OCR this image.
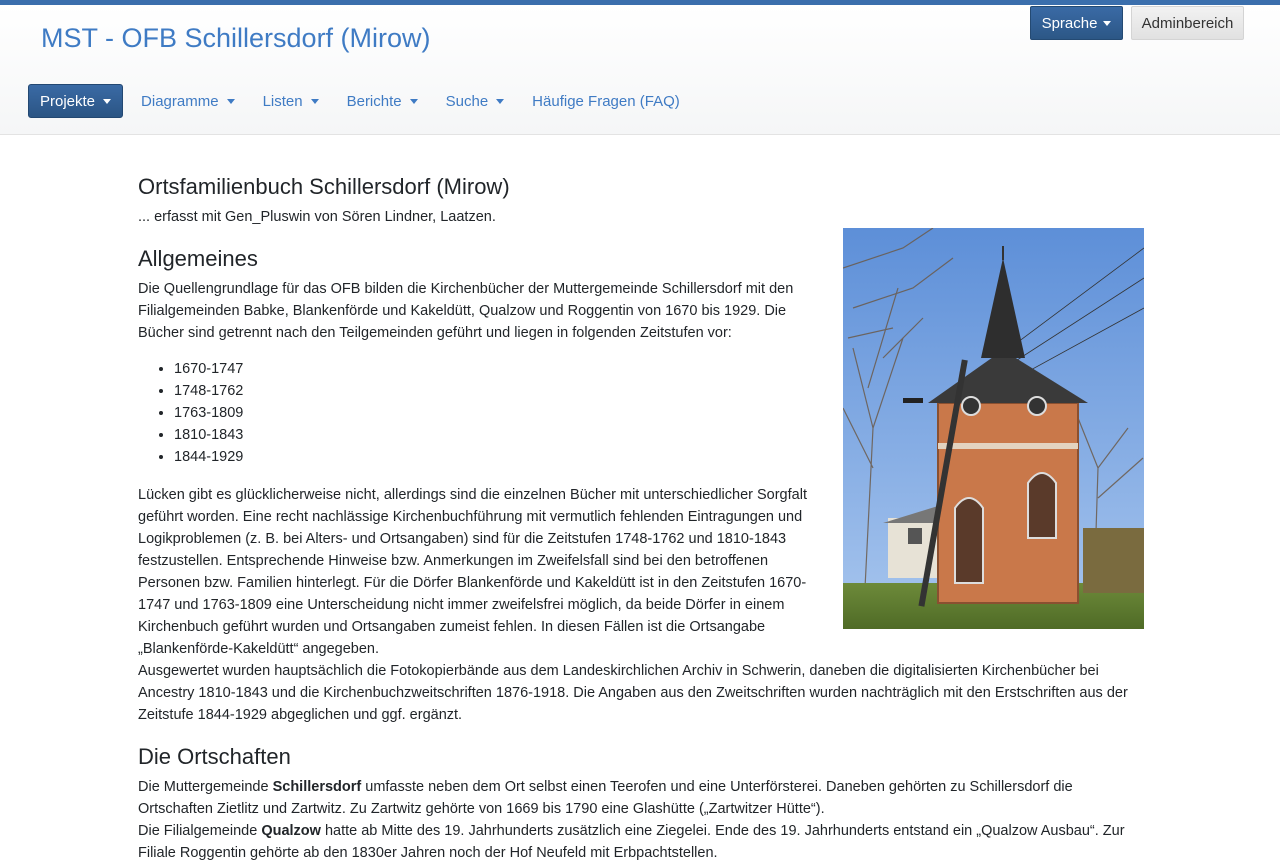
MST - OFB Schillersdorf (Mirow)	Sprache	Adminbereich
Projekte	Diagramme	Listen	Berichte	Suche	Häufige Fragen (FAQ)
Ortsfamilienbuch Schillersdorf (Mirow)

... erfasst mit Gen_Pluswin von Sören Lindner, Laatzen.

Allgemeines

Die Quellengrundlage für das OFB bilden die Kirchenbücher der Muttergemeinde Schillersdorf mit den Filialgemeinden Babke, Blankenförde und Kakeldütt, Qualzow und Roggentin von 1670 bis 1929. Die Bücher sind getrennt nach den Teilgemeinden geführt und liegen in folgenden Zeitstufen vor:

• 1670-1747
• 1748-1762
• 1763-1809
• 1810-1843
• 1844-1929

Lücken gibt es glücklicherweise nicht, allerdings sind die einzelnen Bücher mit unterschiedlicher Sorgfalt geführt worden. Eine recht nachlässige Kirchenbuchführung mit vermutlich fehlenden Eintragungen und Logikproblemen (z. B. bei Alters- und Ortsangaben) sind für die Zeitstufen 1748-1762 und 1810-1843 festzustellen. Entsprechende Hinweise bzw. Anmerkungen im Zweifelsfall sind bei den betroffenen Personen bzw. Familien hinterlegt. Für die Dörfer Blankenförde und Kakeldütt ist in den Zeitstufen 1670-1747 und 1763-1809 eine Unterscheidung nicht immer zweifelsfrei möglich, da beide Dörfer in einem Kirchenbuch geführt wurden und Ortsangaben zumeist fehlen. In diesen Fällen ist die Ortsangabe „Blankenförde-Kakeldütt“ angegeben.

Ausgewertet wurden hauptsächlich die Fotokopierbände aus dem Landeskirchlichen Archiv in Schwerin, daneben die digitalisierten Kirchenbücher bei Ancestry 1810-1843 und die Kirchenbuchzweitschriften 1876-1918. Die Angaben aus den Zweitschriften wurden nachträglich mit den Erstschriften aus der Zeitstufe 1844-1929 abgeglichen und ggf. ergänzt.

Die Ortschaften

Die Muttergemeinde Schillersdorf umfasste neben dem Ort selbst einen Teerofen und eine Unterförsterei. Daneben gehörten zu Schillersdorf die Ortschaften Zietlitz und Zartwitz. Zu Zartwitz gehörte von 1669 bis 1790 eine Glashütte („Zartwitzer Hütte“).

Die Filialgemeinde Qualzow hatte ab Mitte des 19. Jahrhunderts zusätzlich eine Ziegelei. Ende des 19. Jahrhunderts entstand ein „Qualzow Ausbau“. Zur Filiale Roggentin gehörte ab den 1830er Jahren noch der Hof Neufeld mit Erbpachtstellen.
